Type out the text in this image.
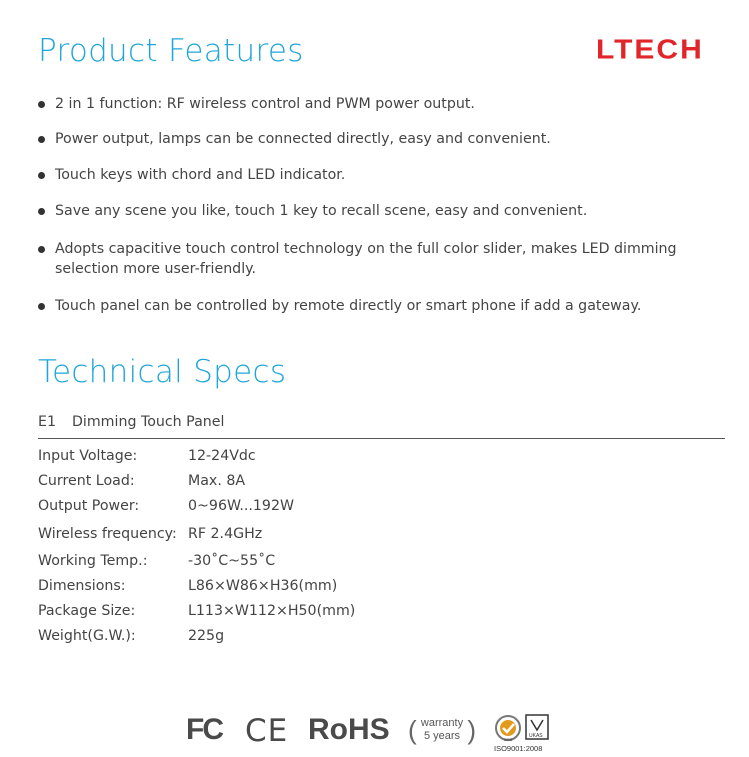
Product Features	LTECH
2 in 1 function: RF wireless control and PWM power output.
Power output, lamps can be connected directly, easy and convenient.
Touch keys with chord and LED indicator.
Save any scene you like, touch 1 key to recall scene, easy and convenient.
Adopts capacitive touch control technology on the full color slider, makes LED dimming selection more user-friendly.
Touch panel can be controlled by remote directly or smart phone if add a gateway.
Technical Specs
E1 Dimming Touch Panel
Input Voltage:	12-24Vdc
Current Load:	Max. 8A
Output Power:	0~96W...192W
Wireless frequency: RF 2.4GHz
Working Temp.:	-30˚C~55˚C
Dimensions:	L86×W86×H36(mm)
Package Size:	L113×W112×H50(mm)
Weight(G.W.):	225g
FC CE RoHS ( warranty
5 years )	SGS
UKAS
ISO9001:2008
